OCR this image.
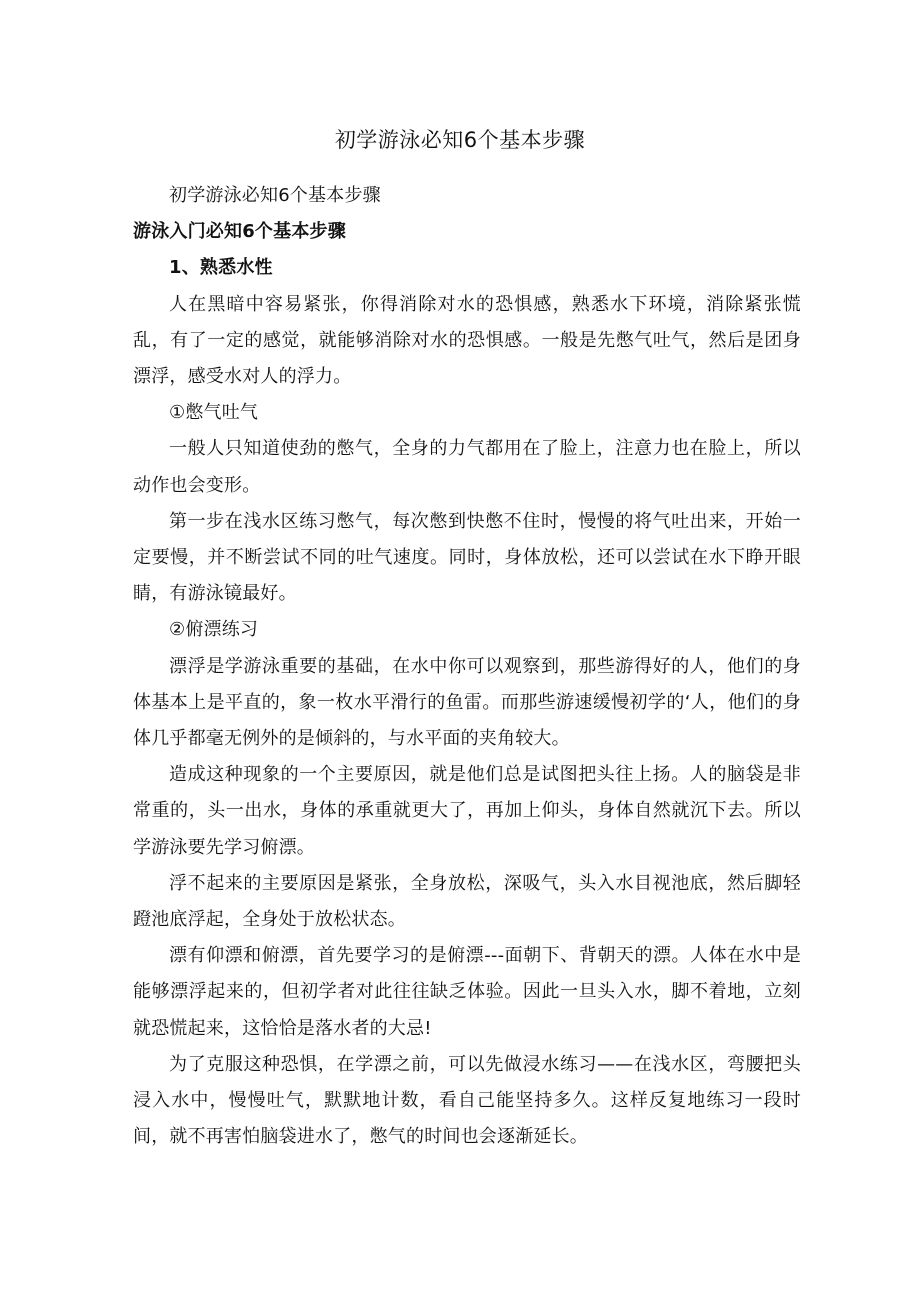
初学游泳必知6个基本步骤

初学游泳必知6个基本步骤

游泳入门必知6个基本步骤

1、熟悉水性

人在黑暗中容易紧张，你得消除对水的恐惧感，熟悉水下环境，消除紧张慌乱，有了一定的感觉，就能够消除对水的恐惧感。一般是先憋气吐气，然后是团身漂浮，感受水对人的浮力。

①憋气吐气

一般人只知道使劲的憋气，全身的力气都用在了脸上，注意力也在脸上，所以动作也会变形。

第一步在浅水区练习憋气，每次憋到快憋不住时，慢慢的将气吐出来，开始一定要慢，并不断尝试不同的吐气速度。同时，身体放松，还可以尝试在水下睁开眼睛，有游泳镜最好。

②俯漂练习

漂浮是学游泳重要的基础，在水中你可以观察到，那些游得好的人，他们的身体基本上是平直的，象一枚水平滑行的鱼雷。而那些游速缓慢初学的‘人，他们的身体几乎都毫无例外的是倾斜的，与水平面的夹角较大。

造成这种现象的一个主要原因，就是他们总是试图把头往上扬。人的脑袋是非常重的，头一出水，身体的承重就更大了，再加上仰头，身体自然就沉下去。所以学游泳要先学习俯漂。

浮不起来的主要原因是紧张，全身放松，深吸气，头入水目视池底，然后脚轻蹬池底浮起，全身处于放松状态。

漂有仰漂和俯漂，首先要学习的是俯漂---面朝下、背朝天的漂。人体在水中是能够漂浮起来的，但初学者对此往往缺乏体验。因此一旦头入水，脚不着地，立刻就恐慌起来，这恰恰是落水者的大忌!

为了克服这种恐惧，在学漂之前，可以先做浸水练习——在浅水区，弯腰把头浸入水中，慢慢吐气，默默地计数，看自己能坚持多久。这样反复地练习一段时间，就不再害怕脑袋进水了，憋气的时间也会逐渐延长。
